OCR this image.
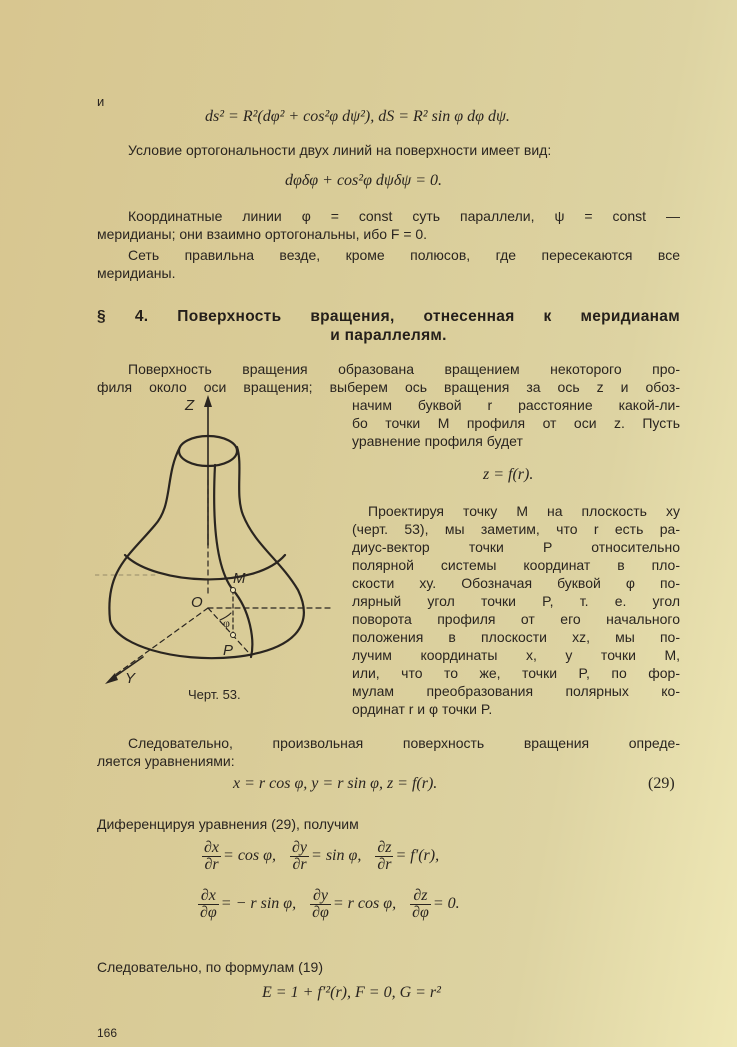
и
ds² = R²(dφ² + cos²φ dψ²), dS = R² sin φ dφ dψ.
Условие ортогональности двух линий на поверхности имеет вид:
dφδφ + cos²φ dψδψ = 0.
Координатные линии φ = const суть параллели, ψ = const —
меридианы; они взаимно ортогональны, ибо F = 0.
Сеть правильна везде, кроме полюсов, где пересекаются все
меридианы.
§ 4. Поверхность вращения, отнесенная к меридианам
и параллелям.
Поверхность вращения образована вращением некоторого про-
филя около оси вращения; выберем ось вращения за ось z и обоз-
начим буквой r расстояние какой-ли-
бо точки M профиля от оси z. Пусть
уравнение профиля будет
z = f(r).
Проектируя точку M на плоскость xy
(черт. 53), мы заметим, что r есть ра-
диус-вектор точки P относительно
полярной системы координат в пло-
скости xy. Обозначая буквой φ по-
лярный угол точки P, т. е. угол
поворота профиля от его начального
положения в плоскости xz, мы по-
лучим координаты x, y точки M,
или, что то же, точки P, по фор-
мулам преобразования полярных ко-
ординат r и φ точки P.
Z
Y
O
M
P
φ
Черт. 53.
Следовательно, произвольная поверхность вращения опреде-
ляется уравнениями:
x = r cos φ, y = r sin φ, z = f(r).	(29)
Диференцируя уравнения (29), получим
$\frac{\partial x}{\partial r} = \cos \varphi$, $\frac{\partial y}{\partial r} = \sin \varphi$, $\frac{\partial z}{\partial r} = f'(r)$,
$\frac{\partial x}{\partial\varphi}$ = − r sin φ, $\frac{\partial y}{\partial\varphi} = r$ cos φ, $\frac{\partial z}{\partial\varphi} = 0$.
Следовательно, по формулам (19)
E = 1 + f′²(r), F = 0, G = r²
166
